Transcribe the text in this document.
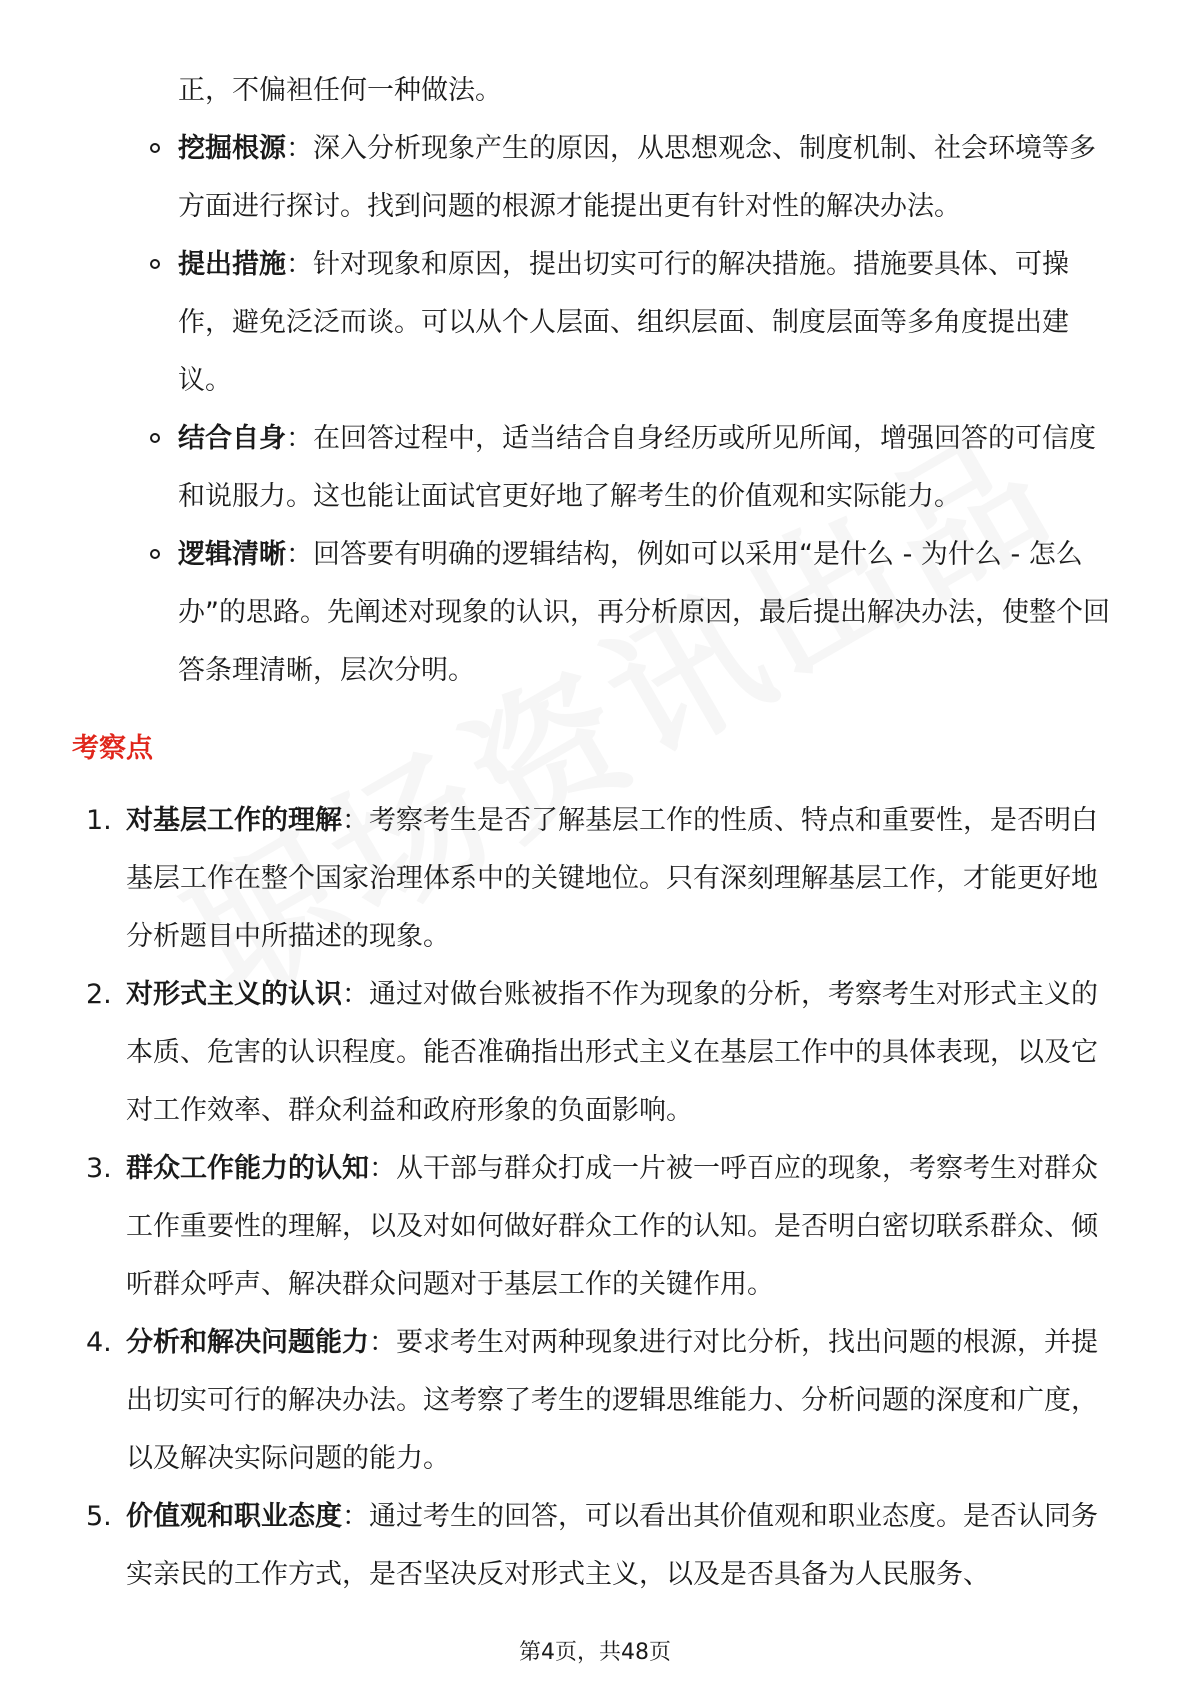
正，不偏袒任何一种做法。
挖掘根源：深入分析现象产生的原因，从思想观念、制度机制、社会环境等多方面进行探讨。找到问题的根源才能提出更有针对性的解决办法。
提出措施：针对现象和原因，提出切实可行的解决措施。措施要具体、可操作，避免泛泛而谈。可以从个人层面、组织层面、制度层面等多角度提出建议。
结合自身：在回答过程中，适当结合自身经历或所见所闻，增强回答的可信度和说服力。这也能让面试官更好地了解考生的价值观和实际能力。
逻辑清晰：回答要有明确的逻辑结构，例如可以采用“是什么 - 为什么 - 怎么办”的思路。先阐述对现象的认识，再分析原因，最后提出解决办法，使整个回答条理清晰，层次分明。
考察点
1. 对基层工作的理解：考察考生是否了解基层工作的性质、特点和重要性，是否明白基层工作在整个国家治理体系中的关键地位。只有深刻理解基层工作，才能更好地分析题目中所描述的现象。
2. 对形式主义的认识：通过对做台账被指不作为现象的分析，考察考生对形式主义的本质、危害的认识程度。能否准确指出形式主义在基层工作中的具体表现，以及它对工作效率、群众利益和政府形象的负面影响。
3. 群众工作能力的认知：从干部与群众打成一片被一呼百应的现象，考察考生对群众工作重要性的理解，以及对如何做好群众工作的认知。是否明白密切联系群众、倾听群众呼声、解决群众问题对于基层工作的关键作用。
4. 分析和解决问题能力：要求考生对两种现象进行对比分析，找出问题的根源，并提出切实可行的解决办法。这考察了考生的逻辑思维能力、分析问题的深度和广度，以及解决实际问题的能力。
5. 价值观和职业态度：通过考生的回答，可以看出其价值观和职业态度。是否认同务实亲民的工作方式，是否坚决反对形式主义，以及是否具备为人民服务、
第4页，共48页
